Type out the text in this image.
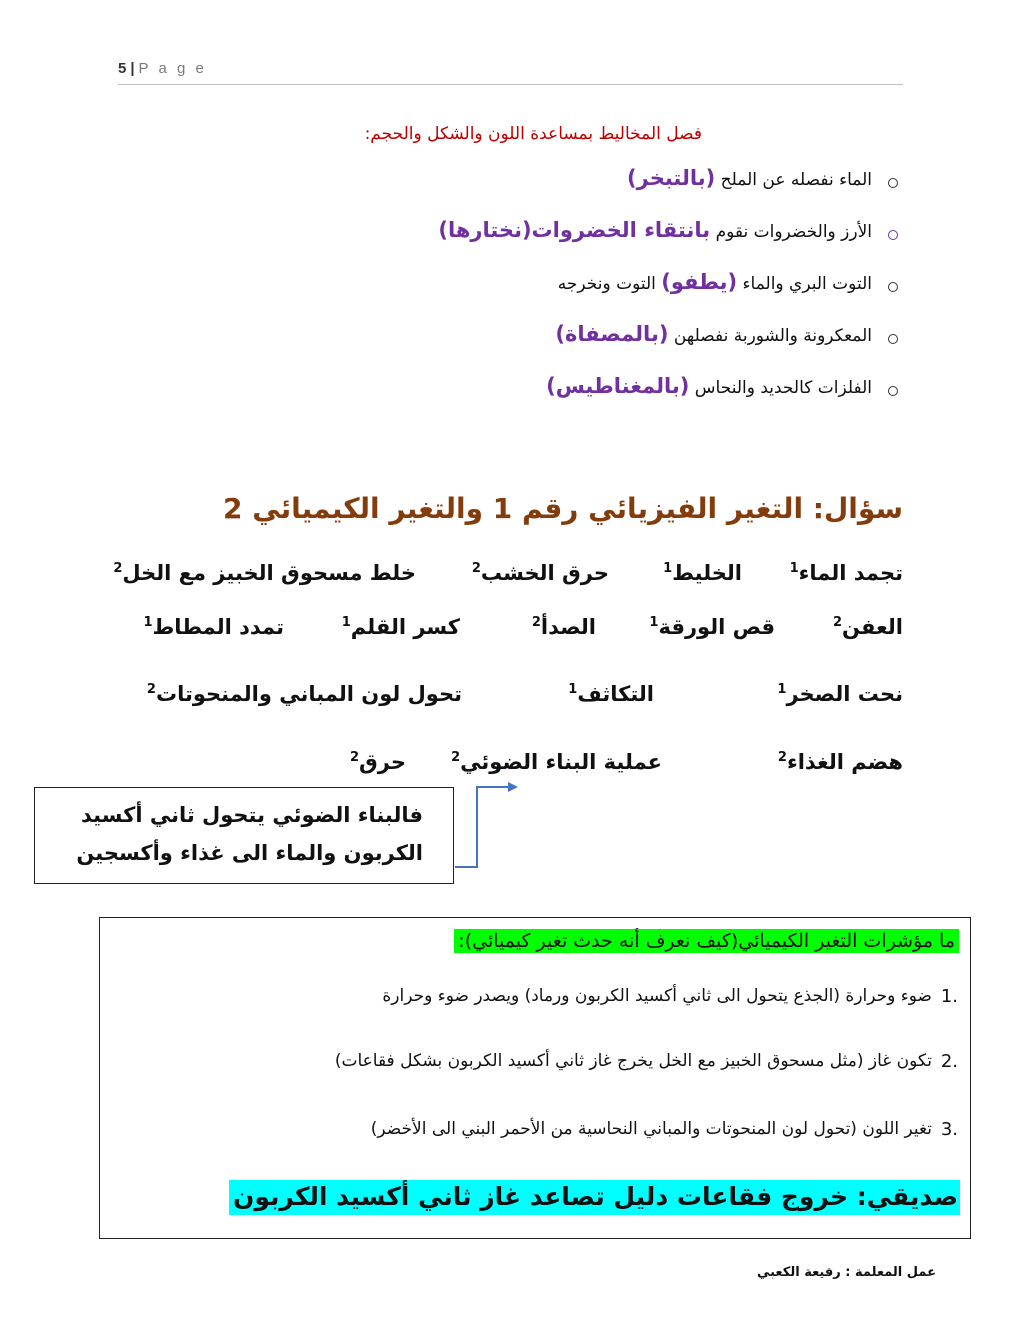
5 | P a g e
فصل المخاليط بمساعدة اللون والشكل والحجم:
الماء نفصله عن الملح (بالتبخر)
الأرز والخضروات نقوم بانتقاء الخضروات(نختارها)
التوت البري والماء (يطفو) التوت ونخرجه
المعكرونة والشوربة نفصلهن (بالمصفاة)
الفلزات كالحديد والنحاس (بالمغناطيس)
سؤال: التغير الفيزيائي رقم 1 والتغير الكيميائي 2
تجمد الماء$^1$
الخليط$^1$
حرق الخشب$^2$
خلط مسحوق الخبيز مع الخل$^2$
العفن$^2$
قص الورقة$^1$
الصدأ$^2$
كسر القلم$^1$
تمدد المطاط$^1$
نحت الصخر$^1$
التكاثف$^1$
تحول لون المباني والمنحوتات$^2$
هضم الغذاء$^2$
عملية البناء الضوئي$^2$
حرق$^2$
فالبناء الضوئي يتحول ثاني أكسيد الكربون والماء الى غذاء وأكسجين
ما مؤشرات التغير الكيميائي(كيف نعرف أنه حدث تغير كيميائي):
1.
ضوء وحرارة (الجذع يتحول الى ثاني أكسيد الكربون ورماد) ويصدر ضوء وحرارة
2.
تكون غاز (مثل مسحوق الخبيز مع الخل يخرج غاز ثاني أكسيد الكربون بشكل فقاعات)
3.
تغير اللون (تحول لون المنحوتات والمباني النحاسية من الأحمر البني الى الأخضر)
صديقي: خروج فقاعات دليل تصاعد غاز ثاني أكسيد الكربون
عمل المعلمة : رفيعة الكعبي
